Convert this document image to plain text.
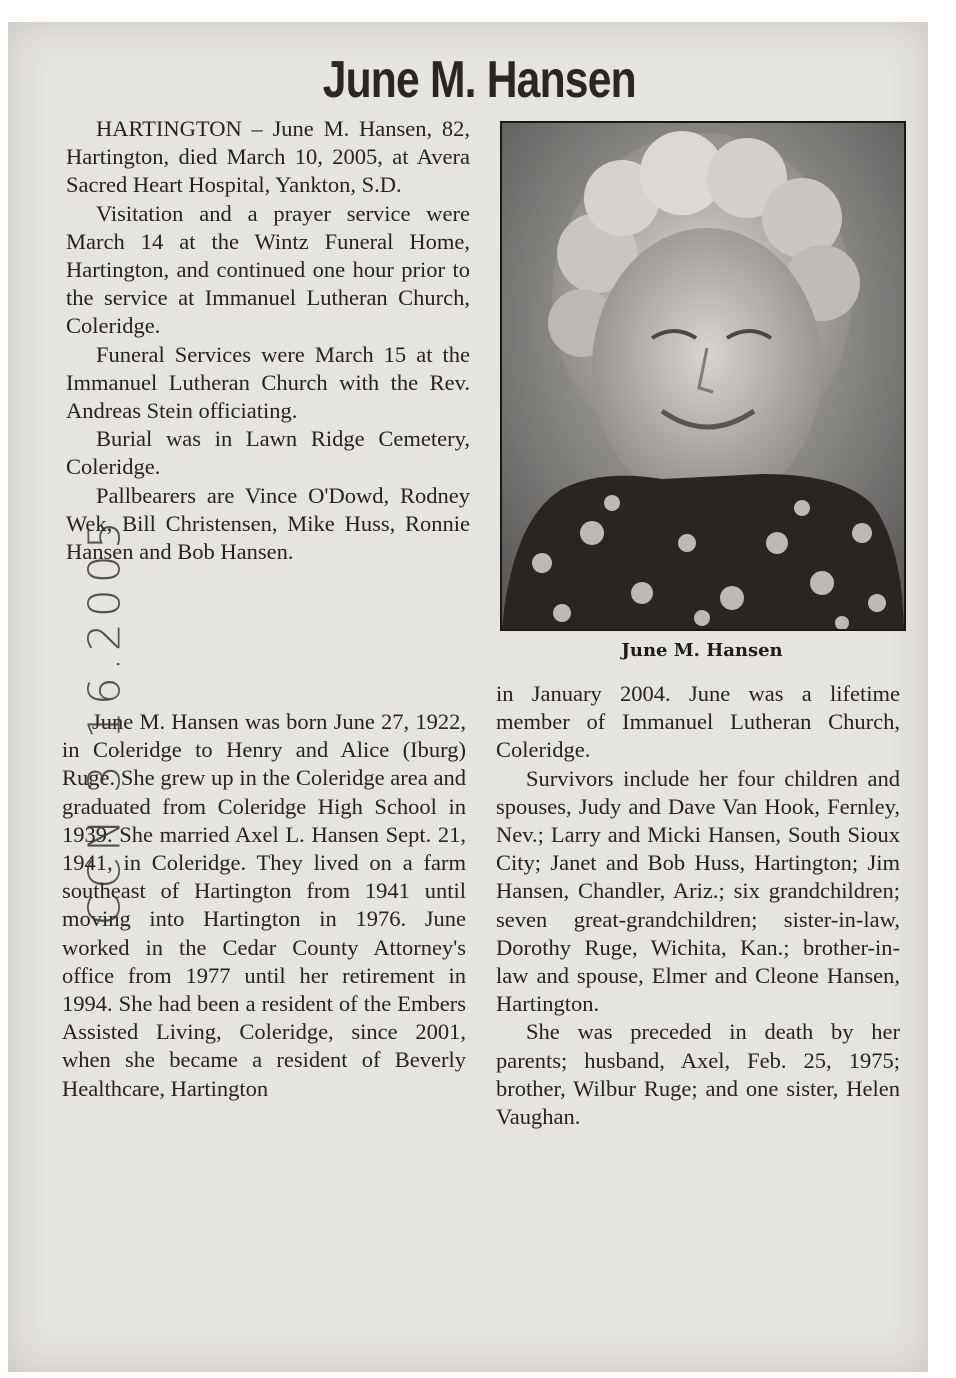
June M. Hansen

HARTINGTON – June M. Hansen, 82, Hartington, died March 10, 2005, at Avera Sacred Heart Hospital, Yankton, S.D.

Visitation and a prayer service were March 14 at the Wintz Funeral Home, Hartington, and continued one hour prior to the service at Immanuel Lutheran Church, Coleridge.

Funeral Services were March 15 at the Immanuel Lutheran Church with the Rev. Andreas Stein officiating.

Burial was in Lawn Ridge Cemetery, Coleridge.

Pallbearers are Vince O'Dowd, Rodney Wek, Bill Christensen, Mike Huss, Ronnie Hansen and Bob Hansen.

June M. Hansen was born June 27, 1922, in Coleridge to Henry and Alice (Iburg) Ruge. She grew up in the Coleridge area and graduated from Coleridge High School in 1939. She married Axel L. Hansen Sept. 21, 1941, in Coleridge. They lived on a farm southeast of Hartington from 1941 until moving into Hartington in 1976. June worked in the Cedar County Attorney's office from 1977 until her retirement in 1994. She had been a resident of the Embers Assisted Living, Coleridge, since 2001, when she became a resident of Beverly Healthcare, Hartington

June M. Hansen

in January 2004. June was a lifetime member of Immanuel Lutheran Church, Coleridge.

Survivors include her four children and spouses, Judy and Dave Van Hook, Fernley, Nev.; Larry and Micki Hansen, South Sioux City; Janet and Bob Huss, Hartington; Jim Hansen, Chandler, Ariz.; six grandchildren; seven great-grandchildren; sister-in-law, Dorothy Ruge, Wichita, Kan.; brother-in-law and spouse, Elmer and Cleone Hansen, Hartington.

She was preceded in death by her parents; husband, Axel, Feb. 25, 1975; brother, Wilbur Ruge; and one sister, Helen Vaughan.

CCN 3.16.2005
